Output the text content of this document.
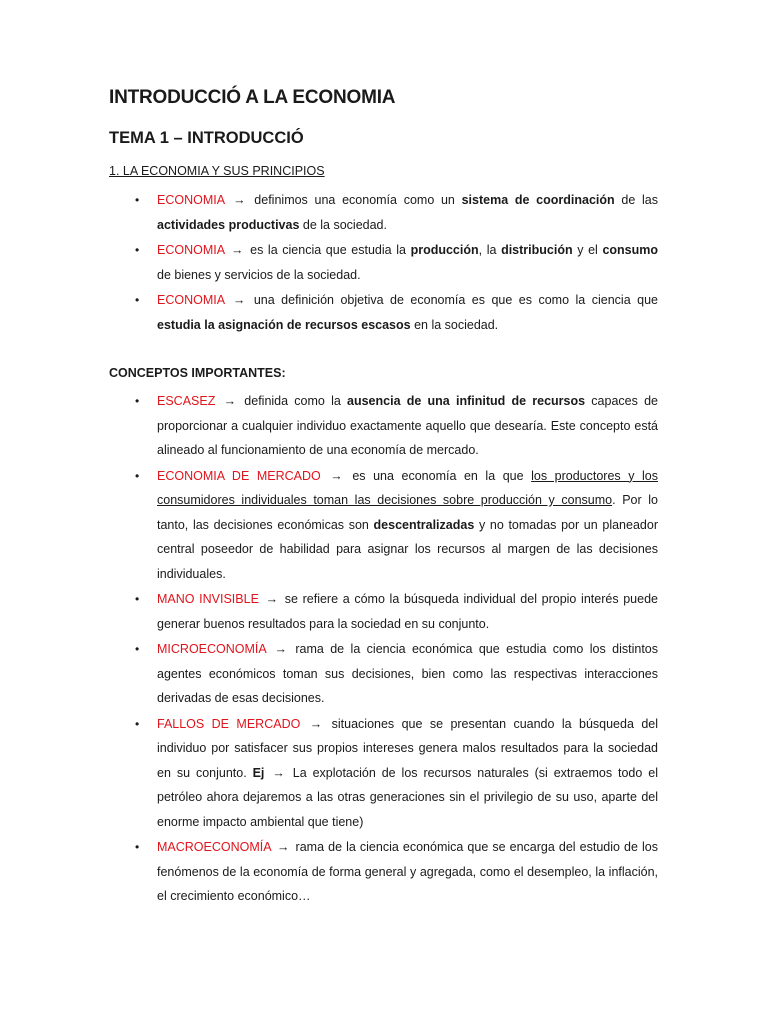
INTRODUCCIÓ A LA ECONOMIA
TEMA 1 – INTRODUCCIÓ
1. LA ECONOMIA Y SUS PRINCIPIOS
• ECONOMIA → definimos una economía como un sistema de coordinación de las actividades productivas de la sociedad.
• ECONOMIA → es la ciencia que estudia la producción, la distribución y el consumo de bienes y servicios de la sociedad.
• ECONOMIA → una definición objetiva de economía es que es como la ciencia que estudia la asignación de recursos escasos en la sociedad.
CONCEPTOS IMPORTANTES:
• ESCASEZ → definida como la ausencia de una infinitud de recursos capaces de proporcionar a cualquier individuo exactamente aquello que desearía. Este concepto está alineado al funcionamiento de una economía de mercado.
• ECONOMIA DE MERCADO → es una economía en la que los productores y los consumidores individuales toman las decisiones sobre producción y consumo. Por lo tanto, las decisiones económicas son descentralizadas y no tomadas por un planeador central poseedor de habilidad para asignar los recursos al margen de las decisiones individuales.
• MANO INVISIBLE → se refiere a cómo la búsqueda individual del propio interés puede generar buenos resultados para la sociedad en su conjunto.
• MICROECONOMÍA → rama de la ciencia económica que estudia como los distintos agentes económicos toman sus decisiones, bien como las respectivas interacciones derivadas de esas decisiones.
• FALLOS DE MERCADO → situaciones que se presentan cuando la búsqueda del individuo por satisfacer sus propios intereses genera malos resultados para la sociedad en su conjunto. Ej → La explotación de los recursos naturales (si extraemos todo el petróleo ahora dejaremos a las otras generaciones sin el privilegio de su uso, aparte del enorme impacto ambiental que tiene)
• MACROECONOMÍA → rama de la ciencia económica que se encarga del estudio de los fenómenos de la economía de forma general y agregada, como el desempleo, la inflación, el crecimiento económico…
